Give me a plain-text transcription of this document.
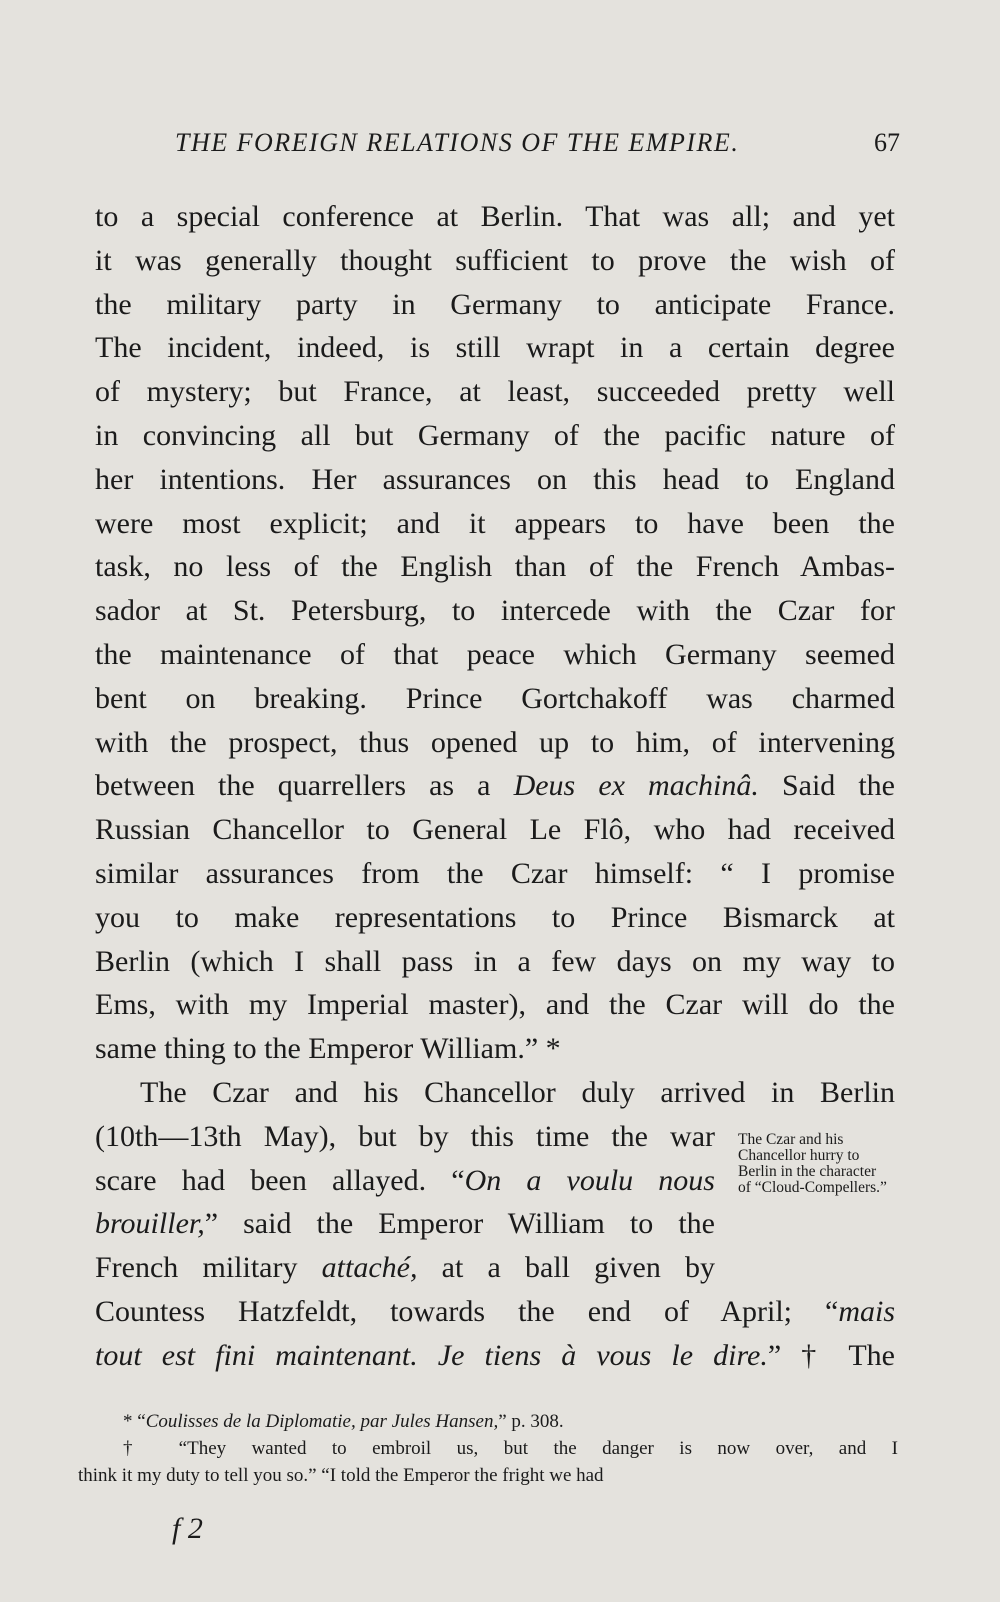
THE FOREIGN RELATIONS OF THE EMPIRE.	67
to a special conference at Berlin. That was all; and yet
it was generally thought sufficient to prove the wish of
the military party in Germany to anticipate France.
The incident, indeed, is still wrapt in a certain degree
of mystery; but France, at least, succeeded pretty well
in convincing all but Germany of the pacific nature of
her intentions. Her assurances on this head to England
were most explicit; and it appears to have been the
task, no less of the English than of the French Ambas-
sador at St. Petersburg, to intercede with the Czar for
the maintenance of that peace which Germany seemed
bent on breaking. Prince Gortchakoff was charmed
with the prospect, thus opened up to him, of intervening
between the quarrellers as a Deus ex machinâ. Said the
Russian Chancellor to General Le Flô, who had received
similar assurances from the Czar himself: “ I promise
you to make representations to Prince Bismarck at
Berlin (which I shall pass in a few days on my way to
Ems, with my Imperial master), and the Czar will do the
same thing to the Emperor William.” *
The Czar and his Chancellor duly arrived in Berlin
(10th—13th May), but by this time the war
scare had been allayed. “On a voulu nous
brouiller,” said the Emperor William to the
French military attaché, at a ball given by
Countess Hatzfeldt, towards the end of April; “mais
tout est fini maintenant. Je tiens à vous le dire.” † The
The Czar and his Chancellor hurry to Berlin in the character of “Cloud-Compellers.”
* “Coulisses de la Diplomatie, par Jules Hansen,” p. 308.
† “They wanted to embroil us, but the danger is now over, and I
think it my duty to tell you so.” “I told the Emperor the fright we had
f 2
